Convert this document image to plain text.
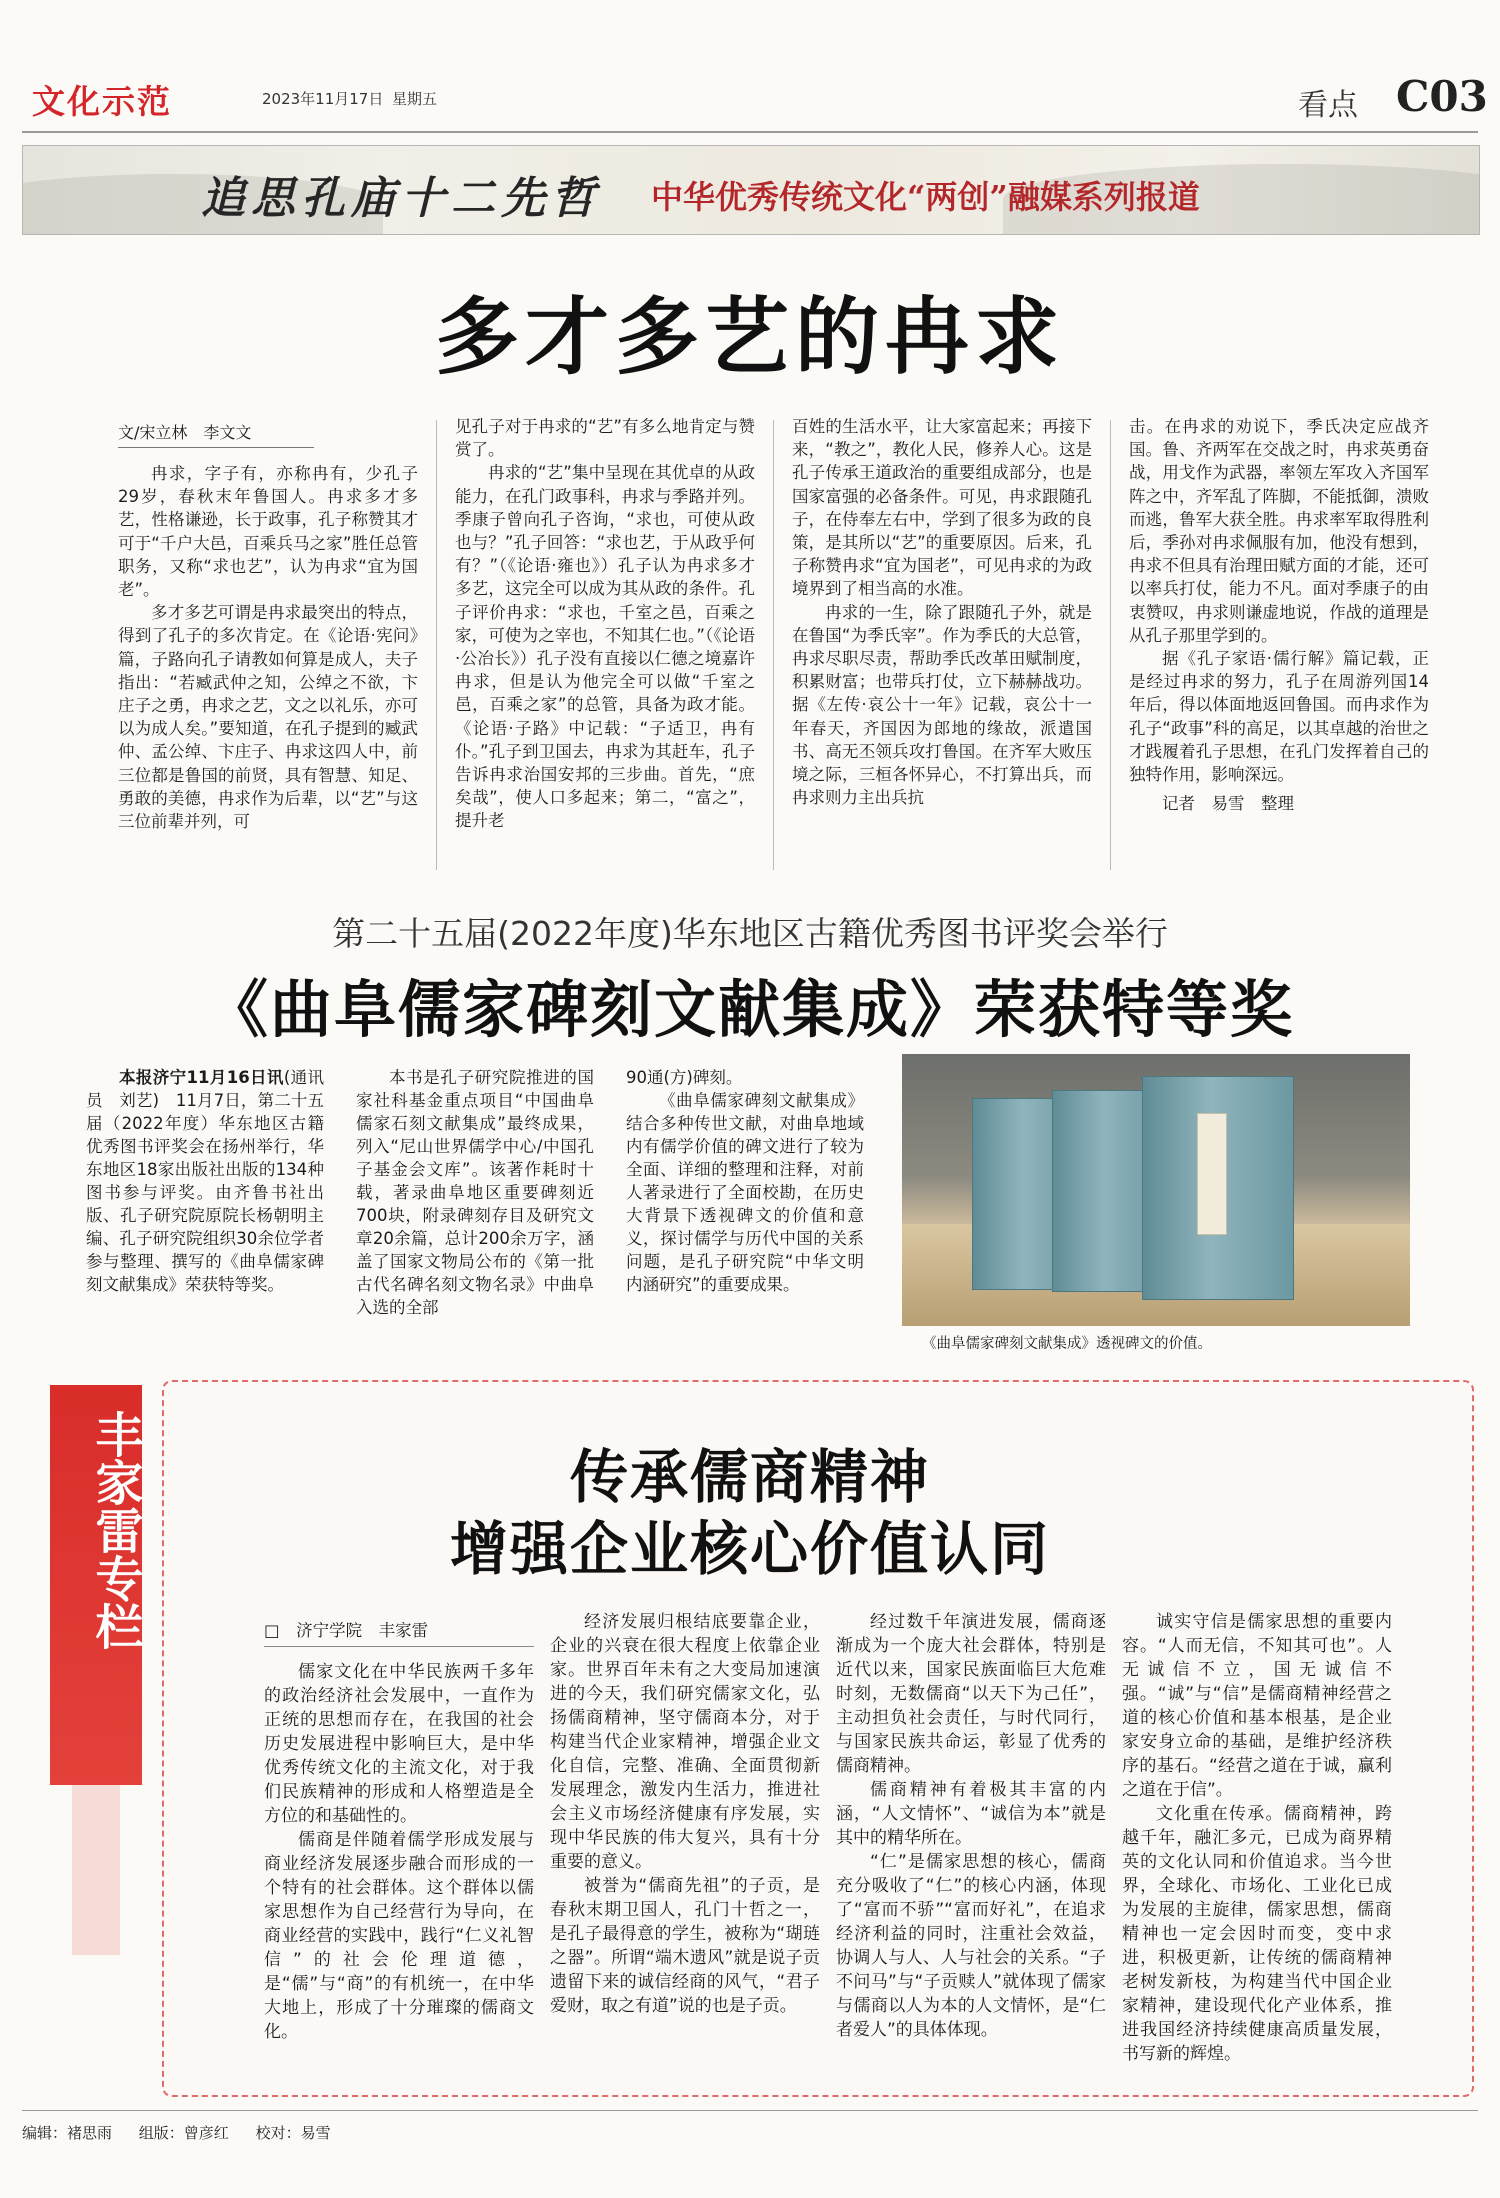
文化示范	2023年11月17日 星期五	看点 C03
追思孔庙十二先哲 中华优秀传统文化“两创”融媒系列报道
多才多艺的冉求
文/宋立林　李文文

冉求，字子有，亦称冉有，少孔子29岁，春秋末年鲁国人。冉求多才多艺，性格谦逊，长于政事，孔子称赞其才可于“千户大邑，百乘兵马之家”胜任总管职务，又称“求也艺”，认为冉求“宜为国老”。

多才多艺可谓是冉求最突出的特点，得到了孔子的多次肯定。在《论语·宪问》篇，子路向孔子请教如何算是成人，夫子指出：“若臧武仲之知，公绰之不欲，卞庄子之勇，冉求之艺，文之以礼乐，亦可以为成人矣。”要知道，在孔子提到的臧武仲、孟公绰、卞庄子、冉求这四人中，前三位都是鲁国的前贤，具有智慧、知足、勇敢的美德，冉求作为后辈，以“艺”与这三位前辈并列，可

见孔子对于冉求的“艺”有多么地肯定与赞赏了。

冉求的“艺”集中呈现在其优卓的从政能力，在孔门政事科，冉求与季路并列。季康子曾向孔子咨询，“求也，可使从政也与？”孔子回答：“求也艺，于从政乎何有？”（《论语·雍也》）孔子认为冉求多才多艺，这完全可以成为其从政的条件。孔子评价冉求：“求也，千室之邑，百乘之家，可使为之宰也，不知其仁也。”（《论语·公冶长》）孔子没有直接以仁德之境嘉许冉求，但是认为他完全可以做“千室之邑，百乘之家”的总管，具备为政才能。《论语·子路》中记载：“子适卫，冉有仆。”孔子到卫国去，冉求为其赶车，孔子告诉冉求治国安邦的三步曲。首先，“庶矣哉”，使人口多起来；第二，“富之”，提升老

百姓的生活水平，让大家富起来；再接下来，“教之”，教化人民，修养人心。这是孔子传承王道政治的重要组成部分，也是国家富强的必备条件。可见，冉求跟随孔子，在侍奉左右中，学到了很多为政的良策，是其所以“艺”的重要原因。后来，孔子称赞冉求“宜为国老”，可见冉求的为政境界到了相当高的水准。

冉求的一生，除了跟随孔子外，就是在鲁国“为季氏宰”。作为季氏的大总管，冉求尽职尽责，帮助季氏改革田赋制度，积累财富；也带兵打仗，立下赫赫战功。据《左传·哀公十一年》记载，哀公十一年春天，齐国因为郎地的缘故，派遣国书、高无丕领兵攻打鲁国。在齐军大败压境之际，三桓各怀异心，不打算出兵，而冉求则力主出兵抗

击。在冉求的劝说下，季氏决定应战齐国。鲁、齐两军在交战之时，冉求英勇奋战，用戈作为武器，率领左军攻入齐国军阵之中，齐军乱了阵脚，不能抵御，溃败而逃，鲁军大获全胜。冉求率军取得胜利后，季孙对冉求佩服有加，他没有想到，冉求不但具有治理田赋方面的才能，还可以率兵打仗，能力不凡。面对季康子的由衷赞叹，冉求则谦虚地说，作战的道理是从孔子那里学到的。

据《孔子家语·儒行解》篇记载，正是经过冉求的努力，孔子在周游列国14年后，得以体面地返回鲁国。而冉求作为孔子“政事”科的高足，以其卓越的治世之才践履着孔子思想，在孔门发挥着自己的独特作用，影响深远。

记者　易雪　整理

第二十五届(2022年度)华东地区古籍优秀图书评奖会举行
《曲阜儒家碑刻文献集成》荣获特等奖

本报济宁11月16日讯(通讯员　刘艺)　11月7日，第二十五届（2022年度）华东地区古籍优秀图书评奖会在扬州举行，华东地区18家出版社出版的134种图书参与评奖。由齐鲁书社出版、孔子研究院原院长杨朝明主编、孔子研究院组织30余位学者参与整理、撰写的《曲阜儒家碑刻文献集成》荣获特等奖。

本书是孔子研究院推进的国家社科基金重点项目“中国曲阜儒家石刻文献集成”最终成果，列入“尼山世界儒学中心/中国孔子基金会文库”。该著作耗时十载，著录曲阜地区重要碑刻近700块，附录碑刻存目及研究文章20余篇，总计200余万字，涵盖了国家文物局公布的《第一批古代名碑名刻文物名录》中曲阜入选的全部

90通(方)碑刻。

《曲阜儒家碑刻文献集成》结合多种传世文献，对曲阜地域内有儒学价值的碑文进行了较为全面、详细的整理和注释，对前人著录进行了全面校勘，在历史大背景下透视碑文的价值和意义，探讨儒学与历代中国的关系问题，是孔子研究院“中华文明内涵研究”的重要成果。

《曲阜儒家碑刻文献集成》透视碑文的价值。
丰家雷专栏	传承儒商精神
增强企业核心价值认同
□　济宁学院　丰家雷

儒家文化在中华民族两千多年的政治经济社会发展中，一直作为正统的思想而存在，在我国的社会历史发展进程中影响巨大，是中华优秀传统文化的主流文化，对于我们民族精神的形成和人格塑造是全方位的和基础性的。

儒商是伴随着儒学形成发展与商业经济发展逐步融合而形成的一个特有的社会群体。这个群体以儒家思想作为自己经营行为导向，在商业经营的实践中，践行“仁义礼智信”的社会伦理道德，是“儒”与“商”的有机统一，在中华大地上，形成了十分璀璨的儒商文化。

经济发展归根结底要靠企业，企业的兴衰在很大程度上依靠企业家。世界百年未有之大变局加速演进的今天，我们研究儒家文化，弘扬儒商精神，坚守儒商本分，对于构建当代企业家精神，增强企业文化自信，完整、准确、全面贯彻新发展理念，激发内生活力，推进社会主义市场经济健康有序发展，实现中华民族的伟大复兴，具有十分重要的意义。

被誉为“儒商先祖”的子贡，是春秋末期卫国人，孔门十哲之一，是孔子最得意的学生，被称为“瑚琏之器”。所谓“端木遗风”就是说子贡遗留下来的诚信经商的风气，“君子爱财，取之有道”说的也是子贡。

经过数千年演进发展，儒商逐渐成为一个庞大社会群体，特别是近代以来，国家民族面临巨大危难时刻，无数儒商“以天下为己任”，主动担负社会责任，与时代同行，与国家民族共命运，彰显了优秀的儒商精神。

儒商精神有着极其丰富的内涵，“人文情怀”、“诚信为本”就是其中的精华所在。

“仁”是儒家思想的核心，儒商充分吸收了“仁”的核心内涵，体现了“富而不骄”“富而好礼”，在追求经济利益的同时，注重社会效益，协调人与人、人与社会的关系。“子不问马”与“子贡赎人”就体现了儒家与儒商以人为本的人文情怀，是“仁者爱人”的具体体现。

诚实守信是儒家思想的重要内容。“人而无信，不知其可也”。人无诚信不立，国无诚信不强。“诚”与“信”是儒商精神经营之道的核心价值和基本根基，是企业家安身立命的基础，是维护经济秩序的基石。“经营之道在于诚，赢利之道在于信”。

文化重在传承。儒商精神，跨越千年，融汇多元，已成为商界精英的文化认同和价值追求。当今世界，全球化、市场化、工业化已成为发展的主旋律，儒家思想，儒商精神也一定会因时而变，变中求进，积极更新，让传统的儒商精神老树发新枝，为构建当代中国企业家精神，建设现代化产业体系，推进我国经济持续健康高质量发展，书写新的辉煌。

编辑：褚思雨 组版：曾彦红 校对：易雪
